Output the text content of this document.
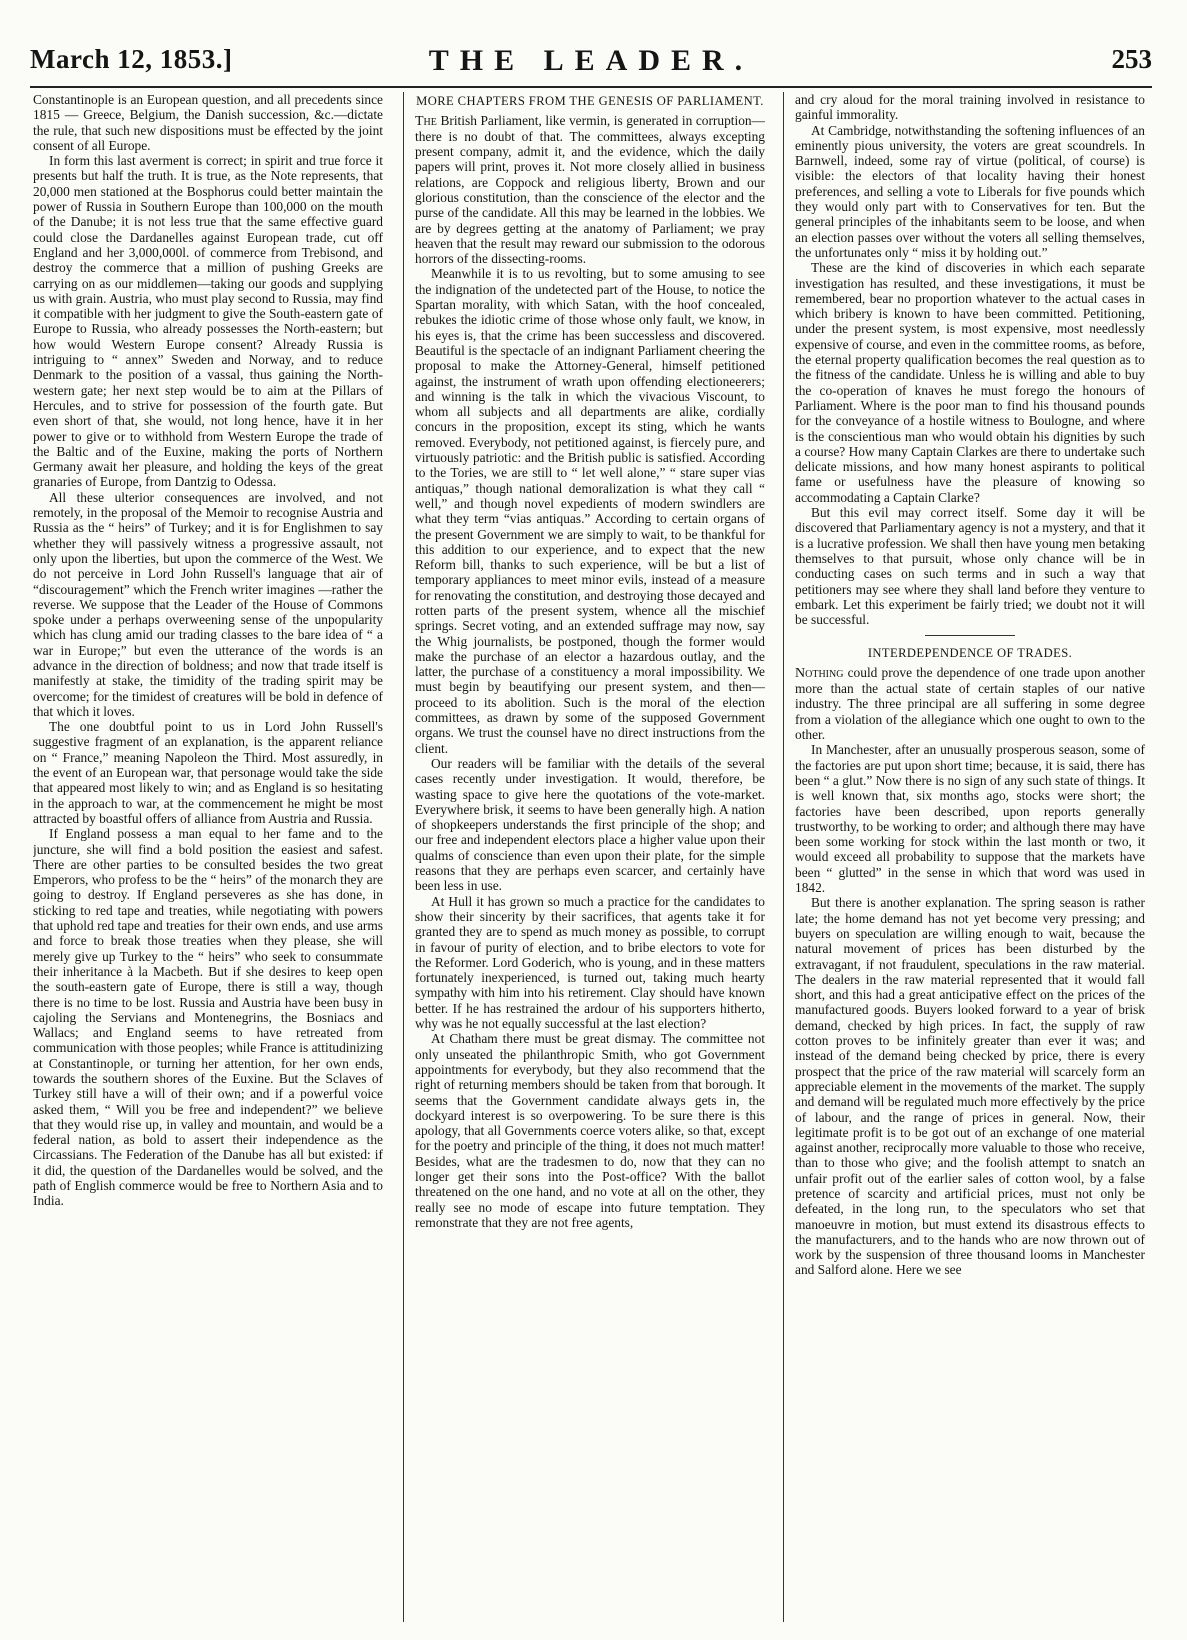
March 12, 1853.]	THE LEADER.	253

Constantinople is an European question, and all precedents since 1815 — Greece, Belgium, the Danish succession, &c.—dictate the rule, that such new dispositions must be effected by the joint consent of all Europe.

In form this last averment is correct; in spirit and true force it presents but half the truth. It is true, as the Note represents, that 20,000 men stationed at the Bosphorus could better maintain the power of Russia in Southern Europe than 100,000 on the mouth of the Danube; it is not less true that the same effective guard could close the Dardanelles against European trade, cut off England and her 3,000,000l. of commerce from Trebisond, and destroy the commerce that a million of pushing Greeks are carrying on as our middlemen—taking our goods and supplying us with grain. Austria, who must play second to Russia, may find it compatible with her judgment to give the South-eastern gate of Europe to Russia, who already possesses the North-eastern; but how would Western Europe consent? Already Russia is intriguing to “ annex” Sweden and Norway, and to reduce Denmark to the position of a vassal, thus gaining the North-western gate; her next step would be to aim at the Pillars of Hercules, and to strive for possession of the fourth gate. But even short of that, she would, not long hence, have it in her power to give or to withhold from Western Europe the trade of the Baltic and of the Euxine, making the ports of Northern Germany await her pleasure, and holding the keys of the great granaries of Europe, from Dantzig to Odessa.

All these ulterior consequences are involved, and not remotely, in the proposal of the Memoir to recognise Austria and Russia as the “ heirs” of Turkey; and it is for Englishmen to say whether they will passively witness a progressive assault, not only upon the liberties, but upon the commerce of the West. We do not perceive in Lord John Russell's language that air of “discouragement” which the French writer imagines —rather the reverse. We suppose that the Leader of the House of Commons spoke under a perhaps overweening sense of the unpopularity which has clung amid our trading classes to the bare idea of “ a war in Europe;” but even the utterance of the words is an advance in the direction of boldness; and now that trade itself is manifestly at stake, the timidity of the trading spirit may be overcome; for the timidest of creatures will be bold in defence of that which it loves.

The one doubtful point to us in Lord John Russell's suggestive fragment of an explanation, is the apparent reliance on “ France,” meaning Napoleon the Third. Most assuredly, in the event of an European war, that personage would take the side that appeared most likely to win; and as England is so hesitating in the approach to war, at the commencement he might be most attracted by boastful offers of alliance from Austria and Russia.

If England possess a man equal to her fame and to the juncture, she will find a bold position the easiest and safest. There are other parties to be consulted besides the two great Emperors, who profess to be the “ heirs” of the monarch they are going to destroy. If England perseveres as she has done, in sticking to red tape and treaties, while negotiating with powers that uphold red tape and treaties for their own ends, and use arms and force to break those treaties when they please, she will merely give up Turkey to the “ heirs” who seek to consummate their inheritance à la Macbeth. But if she desires to keep open the south-eastern gate of Europe, there is still a way, though there is no time to be lost. Russia and Austria have been busy in cajoling the Servians and Montenegrins, the Bosniacs and Wallacs; and England seems to have retreated from communication with those peoples; while France is attitudinizing at Constantinople, or turning her attention, for her own ends, towards the southern shores of the Euxine. But the Sclaves of Turkey still have a will of their own; and if a powerful voice asked them, “ Will you be free and independent?” we believe that they would rise up, in valley and mountain, and would be a federal nation, as bold to assert their independence as the Circassians. The Federation of the Danube has all but existed: if it did, the question of the Dardanelles would be solved, and the path of English commerce would be free to Northern Asia and to India.

MORE CHAPTERS FROM THE GENESIS OF PARLIAMENT.

The British Parliament, like vermin, is generated in corruption—there is no doubt of that. The committees, always excepting present company, admit it, and the evidence, which the daily papers will print, proves it. Not more closely allied in business relations, are Coppock and religious liberty, Brown and our glorious constitution, than the conscience of the elector and the purse of the candidate. All this may be learned in the lobbies. We are by degrees getting at the anatomy of Parliament; we pray heaven that the result may reward our submission to the odorous horrors of the dissecting-rooms.

Meanwhile it is to us revolting, but to some amusing to see the indignation of the undetected part of the House, to notice the Spartan morality, with which Satan, with the hoof concealed, rebukes the idiotic crime of those whose only fault, we know, in his eyes is, that the crime has been successless and discovered. Beautiful is the spectacle of an indignant Parliament cheering the proposal to make the Attorney-General, himself petitioned against, the instrument of wrath upon offending electioneerers; and winning is the talk in which the vivacious Viscount, to whom all subjects and all departments are alike, cordially concurs in the proposition, except its sting, which he wants removed. Everybody, not petitioned against, is fiercely pure, and virtuously patriotic: and the British public is satisfied. According to the Tories, we are still to “ let well alone,” “ stare super vias antiquas,” though national demoralization is what they call “ well,” and though novel expedients of modern swindlers are what they term “vias antiquas.” According to certain organs of the present Government we are simply to wait, to be thankful for this addition to our experience, and to expect that the new Reform bill, thanks to such experience, will be but a list of temporary appliances to meet minor evils, instead of a measure for renovating the constitution, and destroying those decayed and rotten parts of the present system, whence all the mischief springs. Secret voting, and an extended suffrage may now, say the Whig journalists, be postponed, though the former would make the purchase of an elector a hazardous outlay, and the latter, the purchase of a constituency a moral impossibility. We must begin by beautifying our present system, and then—proceed to its abolition. Such is the moral of the election committees, as drawn by some of the supposed Government organs. We trust the counsel have no direct instructions from the client.

Our readers will be familiar with the details of the several cases recently under investigation. It would, therefore, be wasting space to give here the quotations of the vote-market. Everywhere brisk, it seems to have been generally high. A nation of shopkeepers understands the first principle of the shop; and our free and independent electors place a higher value upon their qualms of conscience than even upon their plate, for the simple reasons that they are perhaps even scarcer, and certainly have been less in use.

At Hull it has grown so much a practice for the candidates to show their sincerity by their sacrifices, that agents take it for granted they are to spend as much money as possible, to corrupt in favour of purity of election, and to bribe electors to vote for the Reformer. Lord Goderich, who is young, and in these matters fortunately inexperienced, is turned out, taking much hearty sympathy with him into his retirement. Clay should have known better. If he has restrained the ardour of his supporters hitherto, why was he not equally successful at the last election?

At Chatham there must be great dismay. The committee not only unseated the philanthropic Smith, who got Government appointments for everybody, but they also recommend that the right of returning members should be taken from that borough. It seems that the Government candidate always gets in, the dockyard interest is so overpowering. To be sure there is this apology, that all Governments coerce voters alike, so that, except for the poetry and principle of the thing, it does not much matter! Besides, what are the tradesmen to do, now that they can no longer get their sons into the Post-office? With the ballot threatened on the one hand, and no vote at all on the other, they really see no mode of escape into future temptation. They remonstrate that they are not free agents,

and cry aloud for the moral training involved in resistance to gainful immorality.

At Cambridge, notwithstanding the softening influences of an eminently pious university, the voters are great scoundrels. In Barnwell, indeed, some ray of virtue (political, of course) is visible: the electors of that locality having their honest preferences, and selling a vote to Liberals for five pounds which they would only part with to Conservatives for ten. But the general principles of the inhabitants seem to be loose, and when an election passes over without the voters all selling themselves, the unfortunates only “ miss it by holding out.”

These are the kind of discoveries in which each separate investigation has resulted, and these investigations, it must be remembered, bear no proportion whatever to the actual cases in which bribery is known to have been committed. Petitioning, under the present system, is most expensive, most needlessly expensive of course, and even in the committee rooms, as before, the eternal property qualification becomes the real question as to the fitness of the candidate. Unless he is willing and able to buy the co-operation of knaves he must forego the honours of Parliament. Where is the poor man to find his thousand pounds for the conveyance of a hostile witness to Boulogne, and where is the conscientious man who would obtain his dignities by such a course? How many Captain Clarkes are there to undertake such delicate missions, and how many honest aspirants to political fame or usefulness have the pleasure of knowing so accommodating a Captain Clarke?

But this evil may correct itself. Some day it will be discovered that Parliamentary agency is not a mystery, and that it is a lucrative profession. We shall then have young men betaking themselves to that pursuit, whose only chance will be in conducting cases on such terms and in such a way that petitioners may see where they shall land before they venture to embark. Let this experiment be fairly tried; we doubt not it will be successful.

INTERDEPENDENCE OF TRADES.

Nothing could prove the dependence of one trade upon another more than the actual state of certain staples of our native industry. The three principal are all suffering in some degree from a violation of the allegiance which one ought to own to the other.

In Manchester, after an unusually prosperous season, some of the factories are put upon short time; because, it is said, there has been “ a glut.” Now there is no sign of any such state of things. It is well known that, six months ago, stocks were short; the factories have been described, upon reports generally trustworthy, to be working to order; and although there may have been some working for stock within the last month or two, it would exceed all probability to suppose that the markets have been “ glutted” in the sense in which that word was used in 1842.

But there is another explanation. The spring season is rather late; the home demand has not yet become very pressing; and buyers on speculation are willing enough to wait, because the natural movement of prices has been disturbed by the extravagant, if not fraudulent, speculations in the raw material. The dealers in the raw material represented that it would fall short, and this had a great anticipative effect on the prices of the manufactured goods. Buyers looked forward to a year of brisk demand, checked by high prices. In fact, the supply of raw cotton proves to be infinitely greater than ever it was; and instead of the demand being checked by price, there is every prospect that the price of the raw material will scarcely form an appreciable element in the movements of the market. The supply and demand will be regulated much more effectively by the price of labour, and the range of prices in general. Now, their legitimate profit is to be got out of an exchange of one material against another, reciprocally more valuable to those who receive, than to those who give; and the foolish attempt to snatch an unfair profit out of the earlier sales of cotton wool, by a false pretence of scarcity and artificial prices, must not only be defeated, in the long run, to the speculators who set that manoeuvre in motion, but must extend its disastrous effects to the manufacturers, and to the hands who are now thrown out of work by the suspension of three thousand looms in Manchester and Salford alone. Here we see
